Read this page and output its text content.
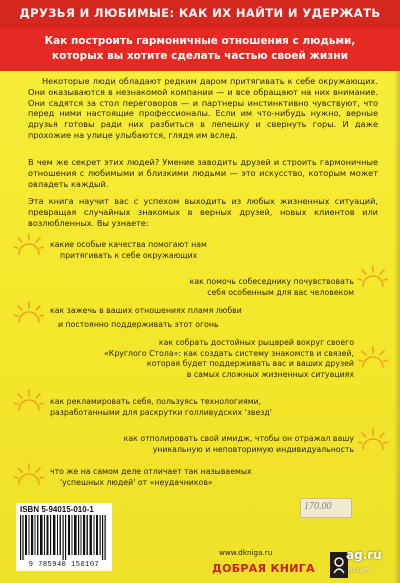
ДРУЗЬЯ И ЛЮБИМЫЕ: КАК ИХ НАЙТИ И УДЕРЖАТЬ
Как построить гармоничные отношения с людьми,
которых вы хотите сделать частью своей жизни
Некоторые люди обладают редким даром притягивать к себе окружающих. Они оказываются в незнакомой компании — и все обращают на них внимание. Они садятся за стол переговоров — и партнеры инстинктивно чувствуют, что перед ними настоящие профессионалы. Если им что-нибудь нужно, верные друзья готовы ради них разбиться в лепешку и свернуть горы. И даже прохожие на улице улыбаются, глядя им вслед.
В чем же секрет этих людей? Умение заводить друзей и строить гармоничные отношения с любимыми и близкими людьми — это искусство, которым может овладеть каждый.
Эта книга научит вас с успехом выходить из любых жизненных ситуаций, превращая случайных знакомых в верных друзей, новых клиентов или возлюбленных. Вы узнаете:
какие особые качества помогают нам
притягивать к себе окружающих
как помочь собеседнику почувствовать
себя особенным для вас человеком
как зажечь в ваших отношениях пламя любви
и постоянно поддерживать этот огонь
как собрать достойных рыцарей вокруг своего
«Круглого Стола»: как создать систему знакомств и связей,
которая будет поддерживать вас и ваших друзей
в самых сложных жизненных ситуациях
как рекламировать себя, пользуясь технологиями,
разработанными для раскрутки голливудских 'звезд'
как отполировать свой имидж, чтобы он отражал вашу
уникальную и неповторимую индивидуальность
что же на самом деле отличает так называемых
'успешных людей' от «неудачников»
ISBN 5-94015-010-1
9 785940 150107
170.00
www.dkniga.ru
ДОБРАЯ КНИГА
ag.ru
ru.com
